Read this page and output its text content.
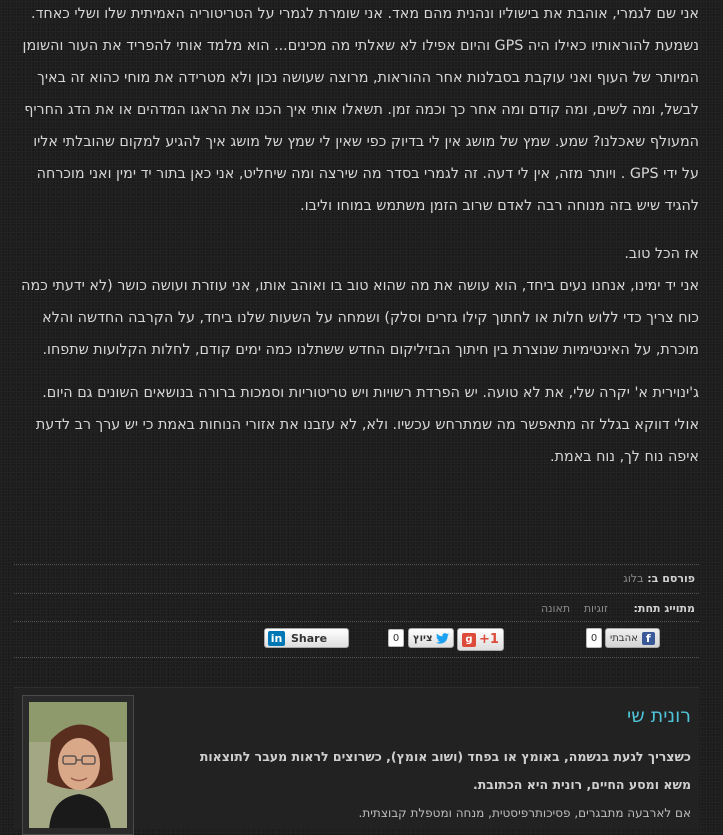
אני שם לגמרי, אוהבת את בישוליו ונהנית מהם מאד. אני שומרת לגמרי על הטריטוריה האמיתית שלו ושלי כאחד. נשמעת להוראותיו כאילו היה GPS והיום אפילו לא שאלתי מה מכינים... הוא מלמד אותי להפריד את העור והשומן המיותר של העוף ואני עוקבת בסבלנות אחר ההוראות, מרוצה שעושה נכון ולא מטרידה את מוחי כהוא זה באיך לבשל, ומה לשים, ומה קודם ומה אחר כך וכמה זמן. תשאלו אותי איך הכנו את הראגו המדהים או את הדג החריף המעולף שאכלנו? שמע. שמץ של מושג אין לי בדיוק כפי שאין לי שמץ של מושג איך להגיע למקום שהובלתי אליו על ידי GPS . ויותר מזה, אין לי דעה. זה לגמרי בסדר מה שירצה ומה שיחליט, אני כאן בתור יד ימין ואני מוכרחה להגיד שיש בזה מנוחה רבה לאדם שרוב הזמן משתמש במוחו וליבו.

אז הכל טוב.
אני יד ימינו, אנחנו נעים ביחד, הוא עושה את מה שהוא טוב בו ואוהב אותו, אני עוזרת ועושה כושר (לא ידעתי כמה כוח צריך כדי ללוש חלות או לחתוך קילו גזרים וסלק) ושמחה על השעות שלנו ביחד, על הקרבה החדשה והלא מוכרת, על האינטימיות שנוצרת בין חיתוך הבזיליקום החדש ששתלנו כמה ימים קודם, לחלות הקלועות שתפחו.

ג'ינוירית א' יקרה שלי, את לא טועה. יש הפרדת רשויות ויש טריטוריות וסמכות ברורה בנושאים השונים גם היום. אולי דווקא בגלל זה מתאפשר מה שמתרחש עכשיו. ולא, לא עזבנו את אזורי הנוחות באמת כי יש ערך רב לדעת איפה נוח לך, נוח באמת.

פורסם ב: בלוג
מתוייג תחת:  זוגיות  תאונה
in Share	0	ציוץ	g +1	0	אהבתי f
רונית שי

כשצריך לגעת בנשמה, באומץ או בפחד (ושוב אומץ), כשרוצים לראות מעבר לתוצאות משא ומסע החיים, רונית היא הכתובת.

אם לארבעה מתבגרים, פסיכותרפיסטית, מנחה ומטפלת קבוצתית.
